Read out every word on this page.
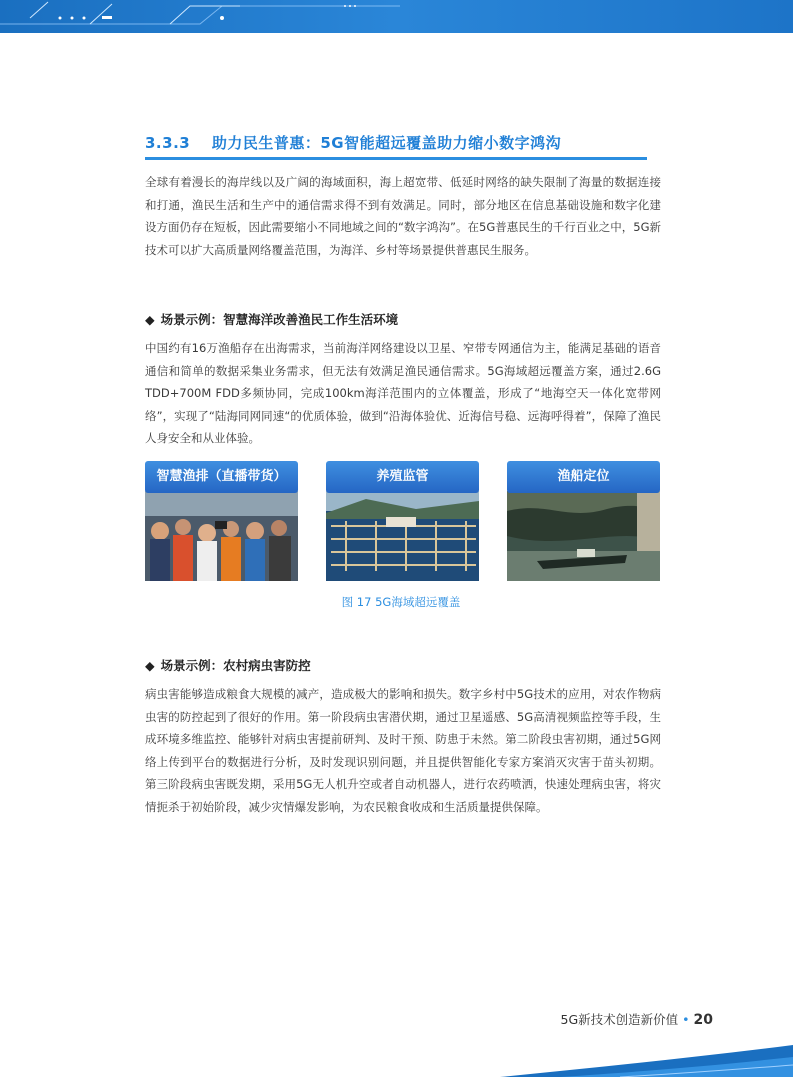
3.3.3 助力民生普惠：5G智能超远覆盖助力缩小数字鸿沟

全球有着漫长的海岸线以及广阔的海域面积，海上超宽带、低延时网络的缺失限制了海量的数据连接和打通，渔民生活和生产中的通信需求得不到有效满足。同时，部分地区在信息基础设施和数字化建设方面仍存在短板，因此需要缩小不同地域之间的“数字鸿沟”。在5G普惠民生的千行百业之中，5G新技术可以扩大高质量网络覆盖范围，为海洋、乡村等场景提供普惠民生服务。

◆ 场景示例：智慧海洋改善渔民工作生活环境

中国约有16万渔船存在出海需求，当前海洋网络建设以卫星、窄带专网通信为主，能满足基础的语音通信和简单的数据采集业务需求，但无法有效满足渔民通信需求。5G海域超远覆盖方案，通过2.6G TDD+700M FDD多频协同，完成100km海洋范围内的立体覆盖，形成了“地海空天一体化宽带网络”，实现了“陆海同网同速“的优质体验，做到“沿海体验优、近海信号稳、远海呼得着”，保障了渔民人身安全和从业体验。

智慧渔排（直播带货）	养殖监管	渔船定位

图 17 5G海域超远覆盖

◆ 场景示例：农村病虫害防控

病虫害能够造成粮食大规模的减产，造成极大的影响和损失。数字乡村中5G技术的应用，对农作物病虫害的防控起到了很好的作用。第一阶段病虫害潜伏期，通过卫星遥感、5G高清视频监控等手段，生成环境多维监控、能够针对病虫害提前研判、及时干预、防患于未然。第二阶段虫害初期，通过5G网络上传到平台的数据进行分析，及时发现识别问题，并且提供智能化专家方案消灭灾害于苗头初期。第三阶段病虫害既发期，采用5G无人机升空或者自动机器人，进行农药喷洒，快速处理病虫害，将灾情扼杀于初始阶段，减少灾情爆发影响，为农民粮食收成和生活质量提供保障。

5G新技术创造新价值 • 20
